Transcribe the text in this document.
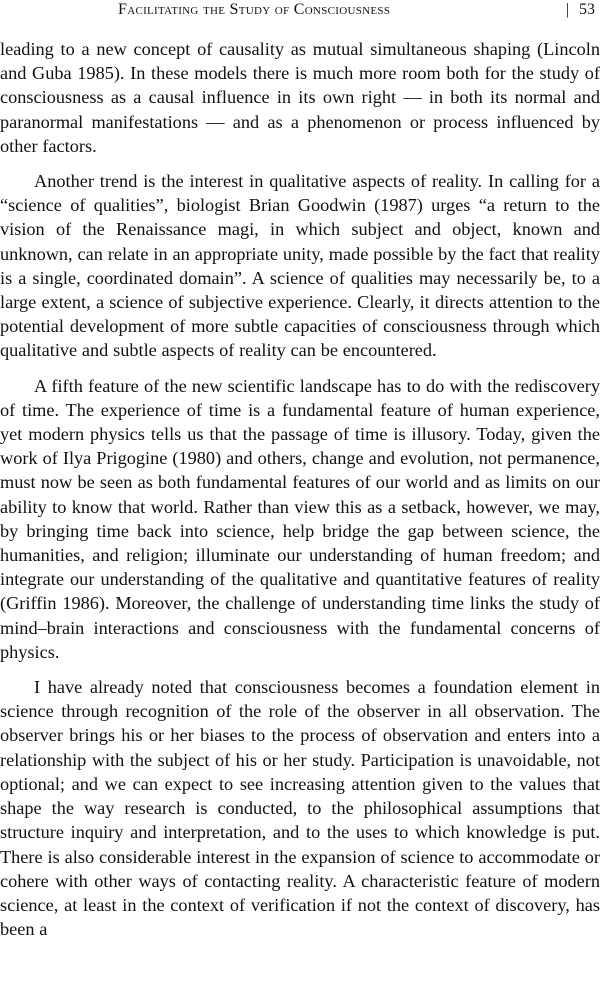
Facilitating the Study of Consciousness	| 53

leading to a new concept of causality as mutual simultaneous shaping (Lincoln and Guba 1985). In these models there is much more room both for the study of consciousness as a causal influence in its own right — in both its normal and paranormal manifestations — and as a phenomenon or process influenced by other factors.

Another trend is the interest in qualitative aspects of reality. In calling for a “science of qualities”, biologist Brian Goodwin (1987) urges “a return to the vision of the Renaissance magi, in which subject and object, known and unknown, can relate in an appropriate unity, made possible by the fact that reality is a single, coordinated domain”. A science of qualities may necessarily be, to a large extent, a science of subjective experience. Clearly, it directs attention to the potential development of more subtle capacities of consciousness through which qualitative and subtle aspects of reality can be encountered.

A fifth feature of the new scientific landscape has to do with the rediscovery of time. The experience of time is a fundamental feature of human experience, yet modern physics tells us that the passage of time is illusory. Today, given the work of Ilya Prigogine (1980) and others, change and evolution, not permanence, must now be seen as both fundamental features of our world and as limits on our ability to know that world. Rather than view this as a setback, however, we may, by bringing time back into science, help bridge the gap between science, the humanities, and religion; illuminate our understanding of human freedom; and integrate our understanding of the qualitative and quantitative features of reality (Griffin 1986). Moreover, the challenge of understanding time links the study of mind–brain interactions and consciousness with the fundamental concerns of physics.

I have already noted that consciousness becomes a foundation element in science through recognition of the role of the observer in all observation. The observer brings his or her biases to the process of observation and enters into a relationship with the subject of his or her study. Participation is unavoidable, not optional; and we can expect to see increasing attention given to the values that shape the way research is conducted, to the philosophical assumptions that structure inquiry and interpretation, and to the uses to which knowledge is put. There is also considerable interest in the expansion of science to accommodate or cohere with other ways of contacting reality. A characteristic feature of modern science, at least in the context of verification if not the context of discovery, has been a
